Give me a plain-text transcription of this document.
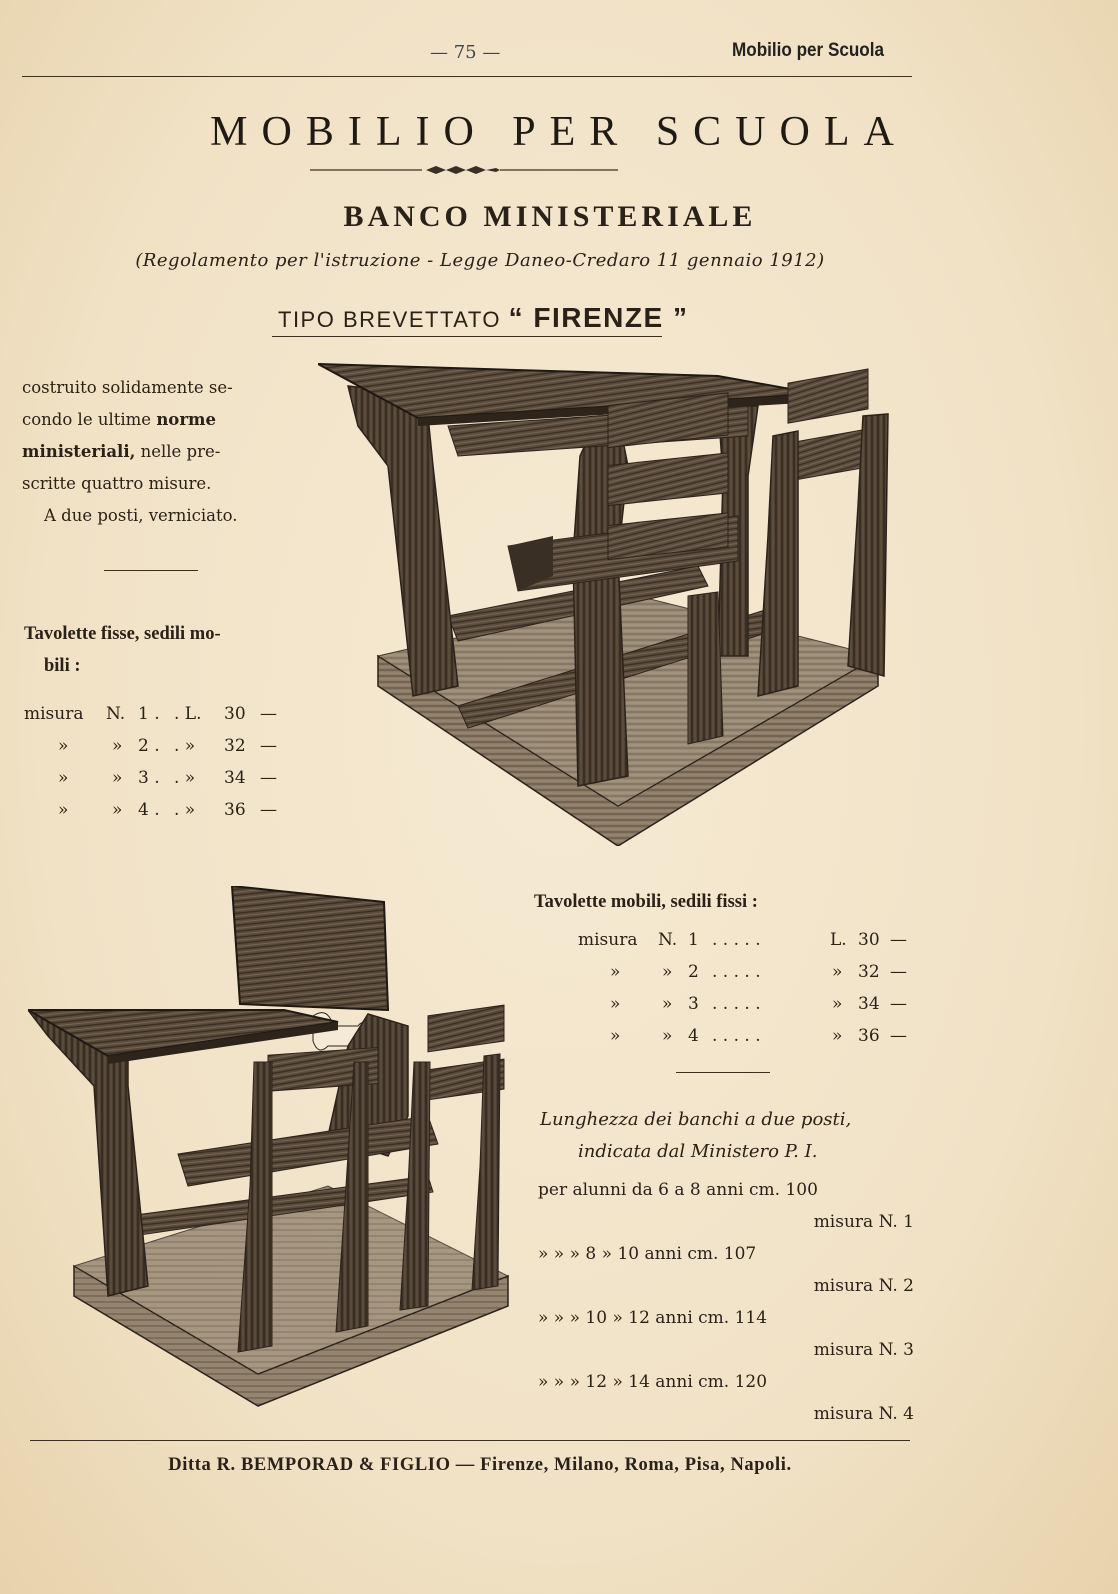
— 75 —	Mobilio per Scuola
MOBILIO PER SCUOLA
BANCO MINISTERIALE
(Regolamento per l'istruzione - Legge Daneo-Credaro 11 gennaio 1912)
TIPO BREVETTATO “ FIRENZE ”
costruito solidamente se-
condo le ultime norme
ministeriali, nelle pre-
scritte quattro misure.
A due posti, verniciato.
Tavolette fisse, sedili mo-
bili :
misura N. 1 . . L. 30 —
»	» 2 . . » 32 —
»	» 3 . . » 34 —
»	» 4 . . » 36 —
Tavolette mobili, sedili fissi :
misura N. 1 . . . . .	L. 30 —
» » 2 . . . . .	» 32 —
» » 3 . . . . .	» 34 —
» » 4 . . . . .	» 36 —
Lunghezza dei banchi a due posti,
indicata dal Ministero P. I.
per alunni da 6 a 8 anni cm. 100
misura N. 1
» » » 8 » 10 anni cm. 107
misura N. 2
» » » 10 » 12 anni cm. 114
misura N. 3
» » » 12 » 14 anni cm. 120
misura N. 4
Ditta R. BEMPORAD & FIGLIO — Firenze, Milano, Roma, Pisa, Napoli.
